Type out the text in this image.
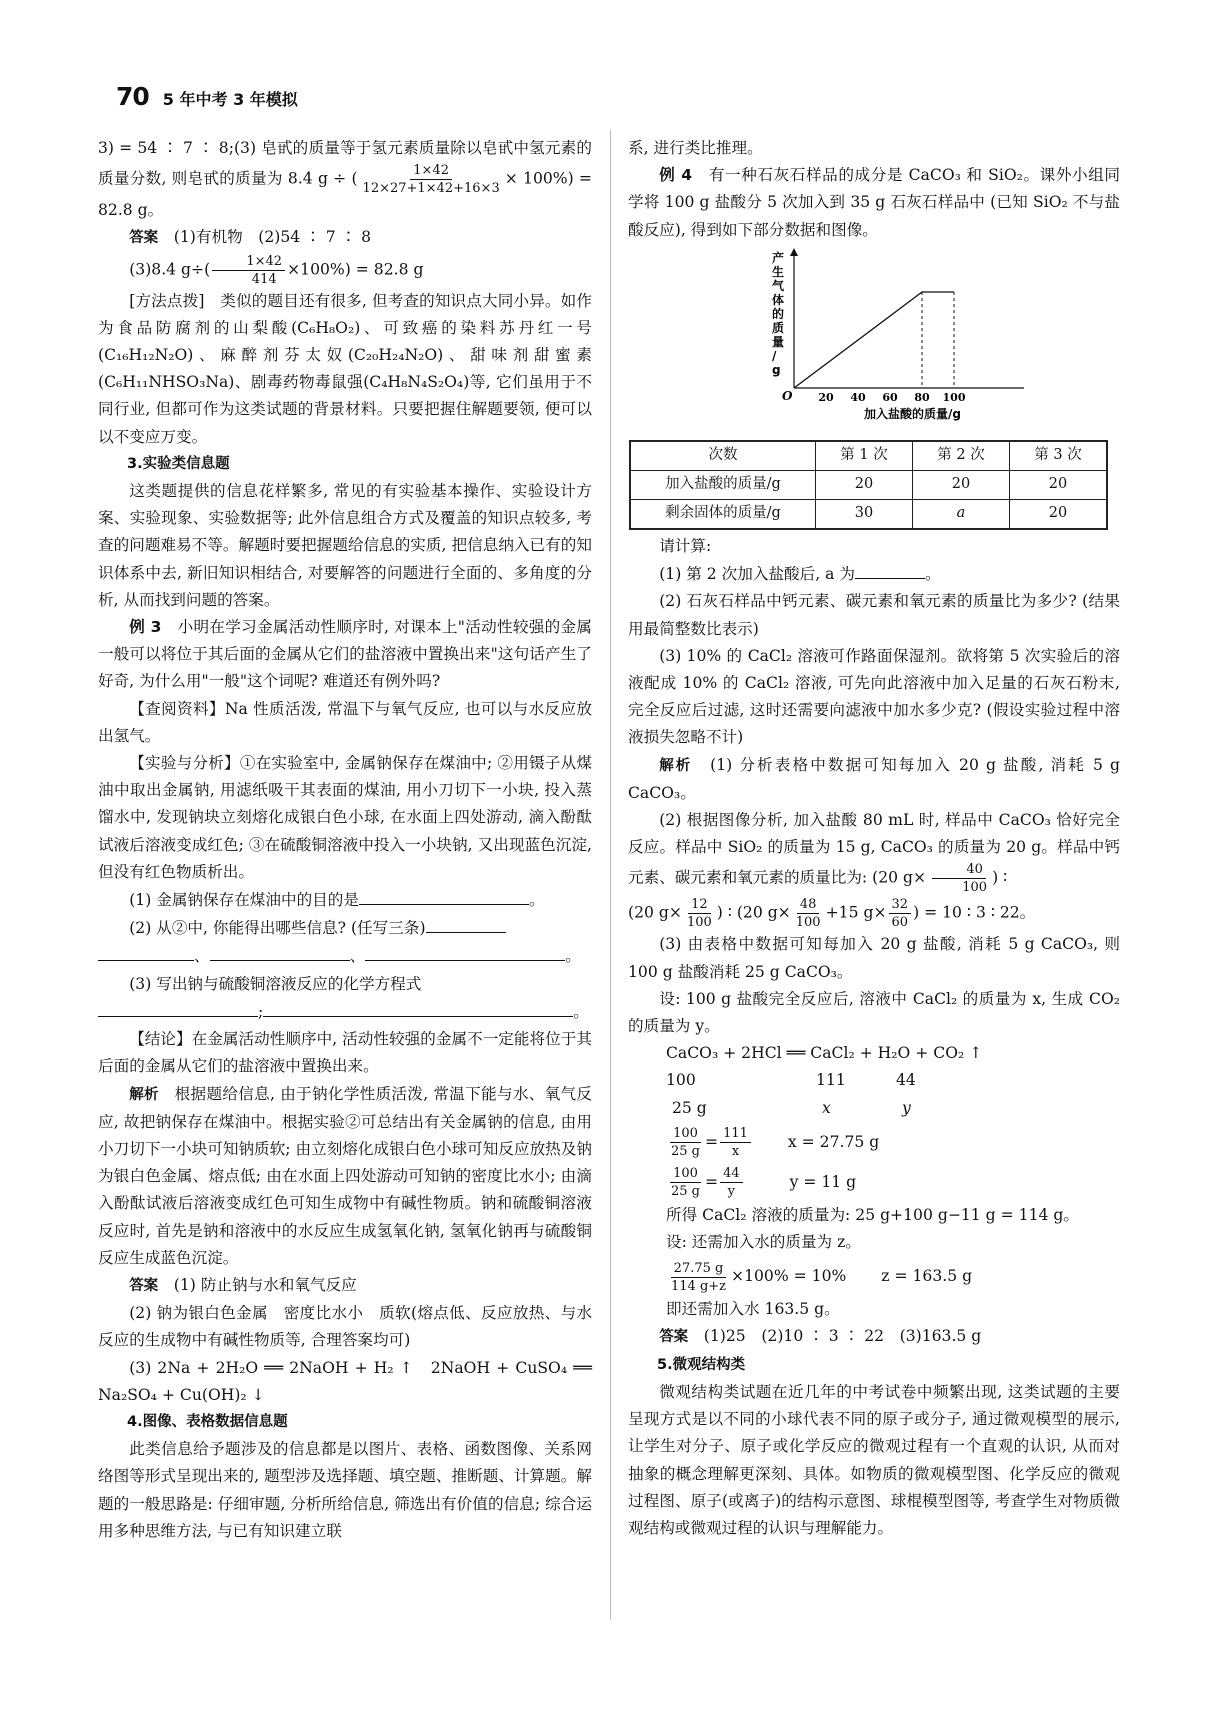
70 5 年中考 3 年模拟

3) = 54 ∶ 7 ∶ 8;(3) 皂甙的质量等于氢元素质量除以皂甙中氢元素的质量分数, 则皂甙的质量为 8.4 g ÷ ( $\frac{1\times 42}{12\times 27+1\times 42+16\times 3} \times 100\%) = 82.8$ g。

答案　 (1)有机物　(2)54 ∶ 7 ∶ 8

(3)8.4 $g\div( \frac{1\times 42}{414} \times 100\%) = 82.8$ g

[方法点拨]　 类似的题目还有很多, 但考查的知识点大同小异。如作为食品防腐剂的山梨酸(C₆H₈O₂)、可致癌的染料苏丹红一号(C₁₆H₁₂N₂O)、麻醉剂芬太奴(C₂₀H₂₄N₂O)、甜味剂甜蜜素(C₆H₁₁NHSO₃Na)、剧毒药物毒鼠强(C₄H₈N₄S₂O₄)等, 它们虽用于不同行业, 但都可作为这类试题的背景材料。只要把握住解题要领, 便可以以不变应万变。

3.实验类信息题

这类题提供的信息花样繁多, 常见的有实验基本操作、实验设计方案、实验现象、实验数据等; 此外信息组合方式及覆盖的知识点较多, 考查的问题难易不等。解题时要把握题给信息的实质, 把信息纳入已有的知识体系中去, 新旧知识相结合, 对要解答的问题进行全面的、多角度的分析, 从而找到问题的答案。

例 3　 小明在学习金属活动性顺序时, 对课本上"活动性较强的金属一般可以将位于其后面的金属从它们的盐溶液中置换出来"这句话产生了好奇, 为什么用"一般"这个词呢? 难道还有例外吗?

【查阅资料】Na 性质活泼, 常温下与氧气反应, 也可以与水反应放出氢气。

【实验与分析】①在实验室中, 金属钠保存在煤油中; ②用镊子从煤油中取出金属钠, 用滤纸吸干其表面的煤油, 用小刀切下一小块, 投入蒸馏水中, 发现钠块立刻熔化成银白色小球, 在水面上四处游动, 滴入酚酞试液后溶液变成红色; ③在硫酸铜溶液中投入一小块钠, 又出现蓝色沉淀, 但没有红色物质析出。

(1) 金属钠保存在煤油中的目的是	。

(2) 从②中, 你能得出哪些信息? (任写三条)

、	、	。

(3) 写出钠与硫酸铜溶液反应的化学方程式

;	。

【结论】在金属活动性顺序中, 活动性较强的金属不一定能将位于其后面的金属从它们的盐溶液中置换出来。

解析　 根据题给信息, 由于钠化学性质活泼, 常温下能与水、氧气反应, 故把钠保存在煤油中。根据实验②可总结出有关金属钠的信息, 由用小刀切下一小块可知钠质软; 由立刻熔化成银白色小球可知反应放热及钠为银白色金属、熔点低; 由在水面上四处游动可知钠的密度比水小; 由滴入酚酞试液后溶液变成红色可知生成物中有碱性物质。钠和硫酸铜溶液反应时, 首先是钠和溶液中的水反应生成氢氧化钠, 氢氧化钠再与硫酸铜反应生成蓝色沉淀。

答案　 (1) 防止钠与水和氧气反应

(2) 钠为银白色金属　密度比水小　质软(熔点低、反应放热、与水反应的生成物中有碱性物质等, 合理答案均可)

(3) 2Na + 2H₂O ══ 2NaOH + H₂ ↑　2NaOH + CuSO₄ ══ Na₂SO₄ + Cu(OH)₂ ↓

4.图像、表格数据信息题

此类信息给予题涉及的信息都是以图片、表格、函数图像、关系网络图等形式呈现出来的, 题型涉及选择题、填空题、推断题、计算题。解题的一般思路是: 仔细审题, 分析所给信息, 筛选出有价值的信息; 综合运用多种思维方法, 与已有知识建立联

系, 进行类比推理。

例 4　 有一种石灰石样品的成分是 CaCO₃ 和 SiO₂。课外小组同学将 100 g 盐酸分 5 次加入到 35 g 石灰石样品中 (已知 SiO₂ 不与盐酸反应), 得到如下部分数据和图像。

产生气体的质量/ g
O 20 40 60 80 100
加入盐酸的质量/g
次数	第 1 次	第 2 次	第 3 次
加入盐酸的质量/g	20	20	20
剩余固体的质量/g	30	a	20

请计算:

(1) 第 2 次加入盐酸后, a 为	。

(2) 石灰石样品中钙元素、碳元素和氧元素的质量比为多少? (结果用最简整数比表示)

(3) 10% 的 CaCl₂ 溶液可作路面保湿剂。欲将第 5 次实验后的溶液配成 10% 的 CaCl₂ 溶液, 可先向此溶液中加入足量的石灰石粉末, 完全反应后过滤, 这时还需要向滤液中加水多少克? (假设实验过程中溶液损失忽略不计)

解析　 (1) 分析表格中数据可知每加入 20 g 盐酸, 消耗 5 g CaCO₃。

(2) 根据图像分析, 加入盐酸 80 mL 时, 样品中 CaCO₃ 恰好完全反应。样品中 SiO₂ 的质量为 15 g, CaCO₃ 的质量为 20 g。样品中钙元素、碳元素和氧元素的质量比为: (20 $g\times \frac{40}{100}$ ) ∶

(20 $g\times \frac{12}{100}$ ) ∶ (20 $g\times \frac{48}{100} +15$ $g\times \frac{32}{60}$ ) = 10 ∶ 3 ∶ 22。

(3) 由表格中数据可知每加入 20 g 盐酸, 消耗 5 g CaCO₃, 则 100 g 盐酸消耗 25 g CaCO₃。

设: 100 g 盐酸完全反应后, 溶液中 CaCl₂ 的质量为 x, 生成 CO₂ 的质量为 y。

CaCO₃ + 2HCl ══ CaCl₂ + H₂O + CO₂ ↑
100	111	44
25 g	x	y
$\frac{100}{25 g} = \frac{111}{x}$ x = 27.75 g
$\frac{100}{25 g} = \frac{44}{y}$	y = 11 g
所得 CaCl₂ 溶液的质量为: 25 g+100 g−11 g = 114 g。
设: 还需加入水的质量为 z。
$\frac{27.75 g}{114 g+z} \times 100\% = 10\%$ z = 163.5 g
即还需加入水 163.5 g。

答案　 (1)25　(2)10 ∶ 3 ∶ 22　(3)163.5 g

5.微观结构类

微观结构类试题在近几年的中考试卷中频繁出现, 这类试题的主要呈现方式是以不同的小球代表不同的原子或分子, 通过微观模型的展示, 让学生对分子、原子或化学反应的微观过程有一个直观的认识, 从而对抽象的概念理解更深刻、具体。如物质的微观模型图、化学反应的微观过程图、原子(或离子)的结构示意图、球棍模型图等, 考查学生对物质微观结构或微观过程的认识与理解能力。
